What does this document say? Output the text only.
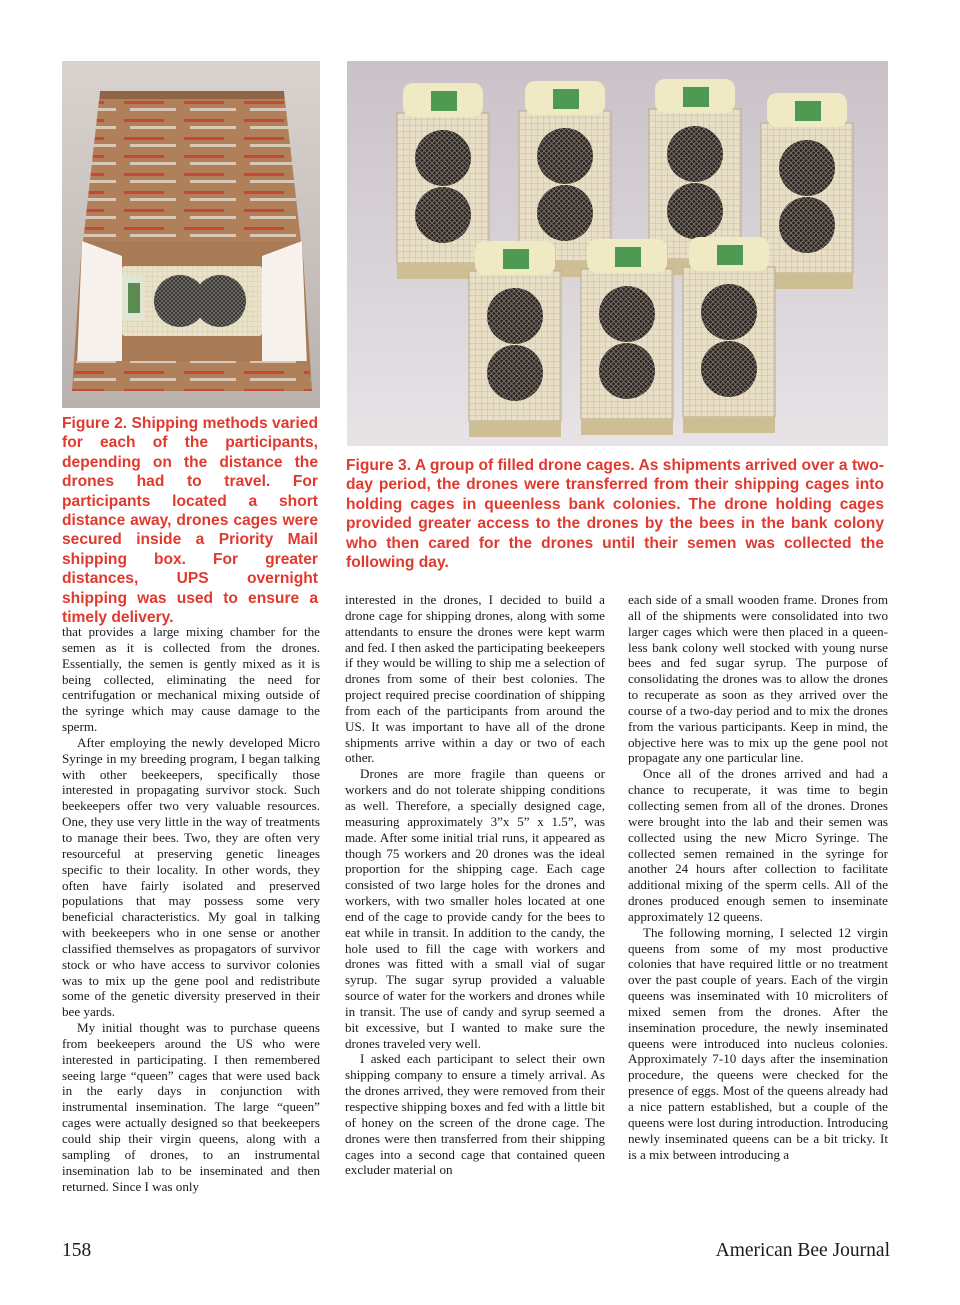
Figure 2. Shipping methods varied for each of the participants, depending on the distance the drones had to travel. For participants located a short distance away, drones cages were secured inside a Priority Mail shipping box. For greater distances, UPS overnight shipping was used to ensure a timely delivery.

Figure 3. A group of filled drone cages. As shipments arrived over a two-day period, the drones were transferred from their shipping cages into holding cages in queenless bank colonies. The drone holding cages provided greater access to the drones by the bees in the bank colony who then cared for the drones until their semen was collected the following day.

that provides a large mixing chamber for the semen as it is collected from the drones. Essentially, the semen is gently mixed as it is being collected, eliminating the need for centrifugation or mechanical mixing outside of the syringe which may cause damage to the sperm.

After employing the newly developed Micro Syringe in my breeding program, I began talking with other beekeepers, specifically those interested in propagating survivor stock. Such beekeepers offer two very valuable resources. One, they use very little in the way of treatments to manage their bees. Two, they are often very resourceful at preserving genetic lineages specific to their locality. In other words, they often have fairly isolated and preserved populations that may possess some very beneficial characteristics. My goal in talking with beekeepers who in one sense or another classified themselves as propagators of survivor stock or who have access to survivor colonies was to mix up the gene pool and redistribute some of the genetic diversity preserved in their bee yards.

My initial thought was to purchase queens from beekeepers around the US who were interested in participating. I then remembered seeing large “queen” cages that were used back in the early days in conjunction with instrumental insemination. The large “queen” cages were actually designed so that beekeepers could ship their virgin queens, along with a sampling of drones, to an instrumental insemination lab to be inseminated and then returned. Since I was only

interested in the drones, I decided to build a drone cage for shipping drones, along with some attendants to ensure the drones were kept warm and fed. I then asked the participating beekeepers if they would be willing to ship me a selection of drones from some of their best colonies. The project required precise coordination of shipping from each of the participants from around the US. It was important to have all of the drone shipments arrive within a day or two of each other.

Drones are more fragile than queens or workers and do not tolerate shipping conditions as well. Therefore, a specially designed cage, measuring approximately 3”x 5” x 1.5”, was made. After some initial trial runs, it appeared as though 75 workers and 20 drones was the ideal proportion for the shipping cage. Each cage consisted of two large holes for the drones and workers, with two smaller holes located at one end of the cage to provide candy for the bees to eat while in transit. In addition to the candy, the hole used to fill the cage with workers and drones was fitted with a small vial of sugar syrup. The sugar syrup provided a valuable source of water for the workers and drones while in transit. The use of candy and syrup seemed a bit excessive, but I wanted to make sure the drones traveled very well.

I asked each participant to select their own shipping company to ensure a timely arrival. As the drones arrived, they were removed from their respective shipping boxes and fed with a little bit of honey on the screen of the drone cage. The drones were then transferred from their shipping cages into a second cage that contained queen excluder material on

each side of a small wooden frame. Drones from all of the shipments were consolidated into two larger cages which were then placed in a queen-less bank colony well stocked with young nurse bees and fed sugar syrup. The purpose of consolidating the drones was to allow the drones to recuperate as soon as they arrived over the course of a two-day period and to mix the drones from the various participants. Keep in mind, the objective here was to mix up the gene pool not propagate any one particular line.

Once all of the drones arrived and had a chance to recuperate, it was time to begin collecting semen from all of the drones. Drones were brought into the lab and their semen was collected using the new Micro Syringe. The collected semen remained in the syringe for another 24 hours after collection to facilitate additional mixing of the sperm cells. All of the drones produced enough semen to inseminate approximately 12 queens.

The following morning, I selected 12 virgin queens from some of my most productive colonies that have required little or no treatment over the past couple of years. Each of the virgin queens was inseminated with 10 microliters of mixed semen from the drones. After the insemination procedure, the newly inseminated queens were introduced into nucleus colonies. Approximately 7-10 days after the insemination procedure, the queens were checked for the presence of eggs. Most of the queens already had a nice pattern established, but a couple of the queens were lost during introduction. Introducing newly inseminated queens can be a bit tricky. It is a mix between introducing a

158	American Bee Journal
